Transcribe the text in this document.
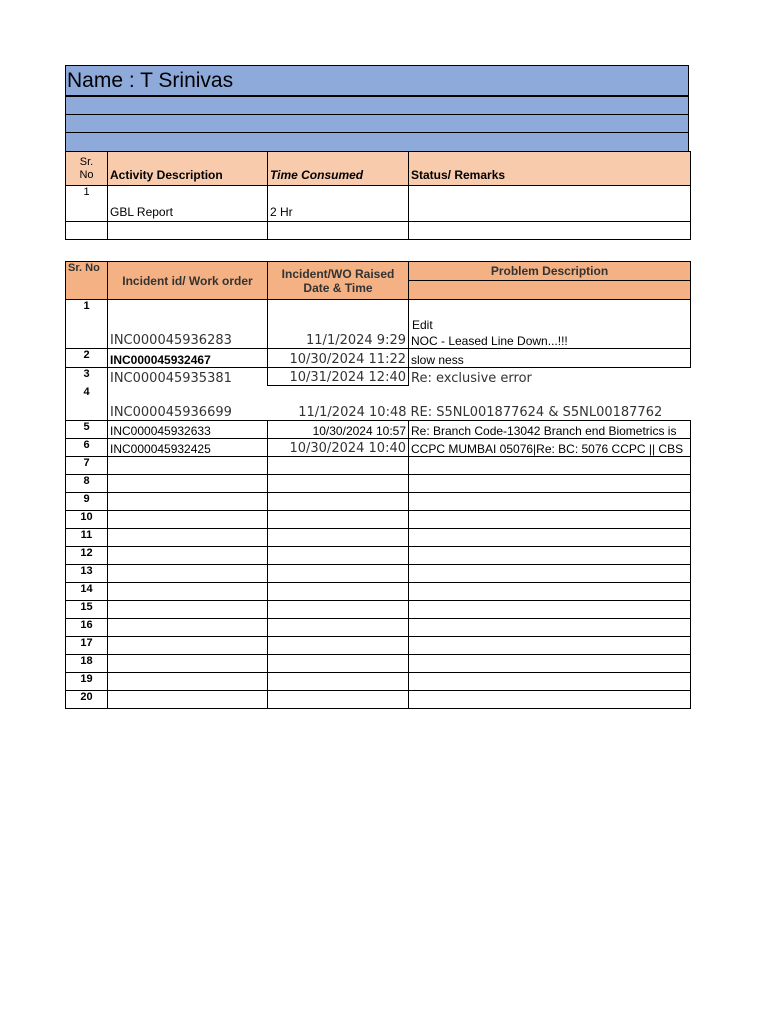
Name : T Srinivas
Sr.
No	Activity Description	Time Consumed	Status/ Remarks
1	GBL Report	2 Hr	

Sr. No	Incident id/ Work order	Incident/WO Raised Date & Time	Problem Description

1	INC000045936283	11/1/2024 9:29	NOC - Leased Line Down...!!!
2	INC000045932467	10/30/2024 11:22	slow ness
3	INC000045935381	10/31/2024 12:40	Re: exclusive error
4	INC000045936699	11/1/2024 10:48	RE: S5NL001877624 & S5NL00187762
5	INC000045932633	10/30/2024 10:57	Re: Branch Code-13042 Branch end Biometrics is
6	INC000045932425	10/30/2024 10:40	CCPC MUMBAI 05076|Re: BC: 5076 CCPC || CBS
7			
8			
9			
10			
11			
12			
13			
14			
15			
16			
17			
18			
19			
20			
Edit
